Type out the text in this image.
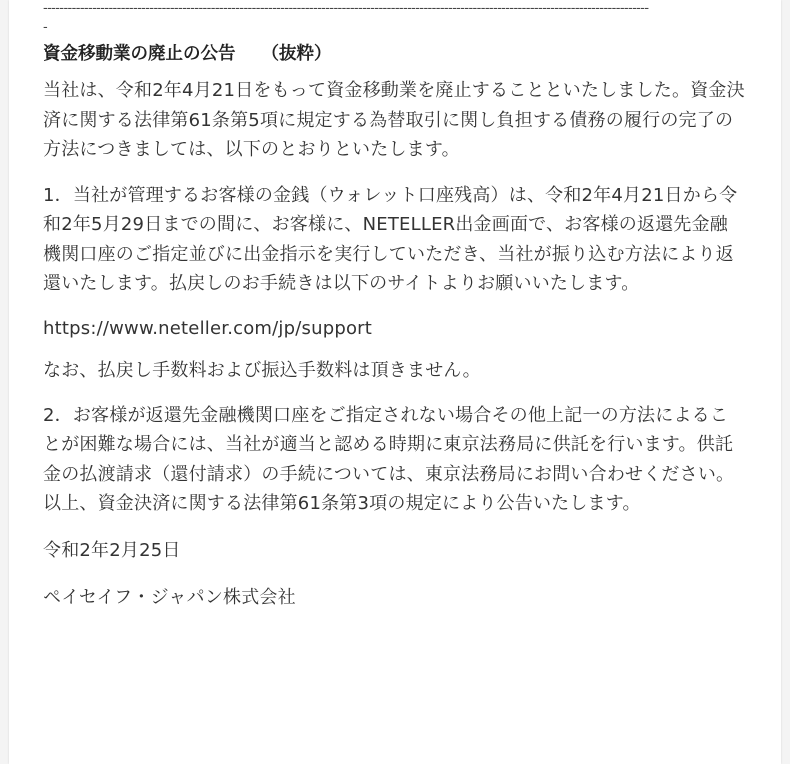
----------------------------------------------------------------------------------------------------------------------------------------------------
-
資金移動業の廃止の公告 （抜粋）

当社は、令和2年4月21日をもって資金移動業を廃止することといたしました。資金決済に関する法律第61条第5項に規定する為替取引に関し負担する債務の履行の完了の方法につきましては、以下のとおりといたします。

1．当社が管理するお客様の金銭（ウォレット口座残高）は、令和2年4月21日から令和2年5月29日までの間に、お客様に、NETELLER出金画面で、お客様の返還先金融機関口座のご指定並びに出金指示を実行していただき、当社が振り込む方法により返還いたします。払戻しのお手続きは以下のサイトよりお願いいたします。

https://www.neteller.com/jp/support

なお、払戻し手数料および振込手数料は頂きません。

2．お客様が返還先金融機関口座をご指定されない場合その他上記一の方法によることが困難な場合には、当社が適当と認める時期に東京法務局に供託を行います。供託金の払渡請求（還付請求）の手続については、東京法務局にお問い合わせください。

以上、資金決済に関する法律第61条第3項の規定により公告いたします。

令和2年2月25日

ペイセイフ・ジャパン株式会社
